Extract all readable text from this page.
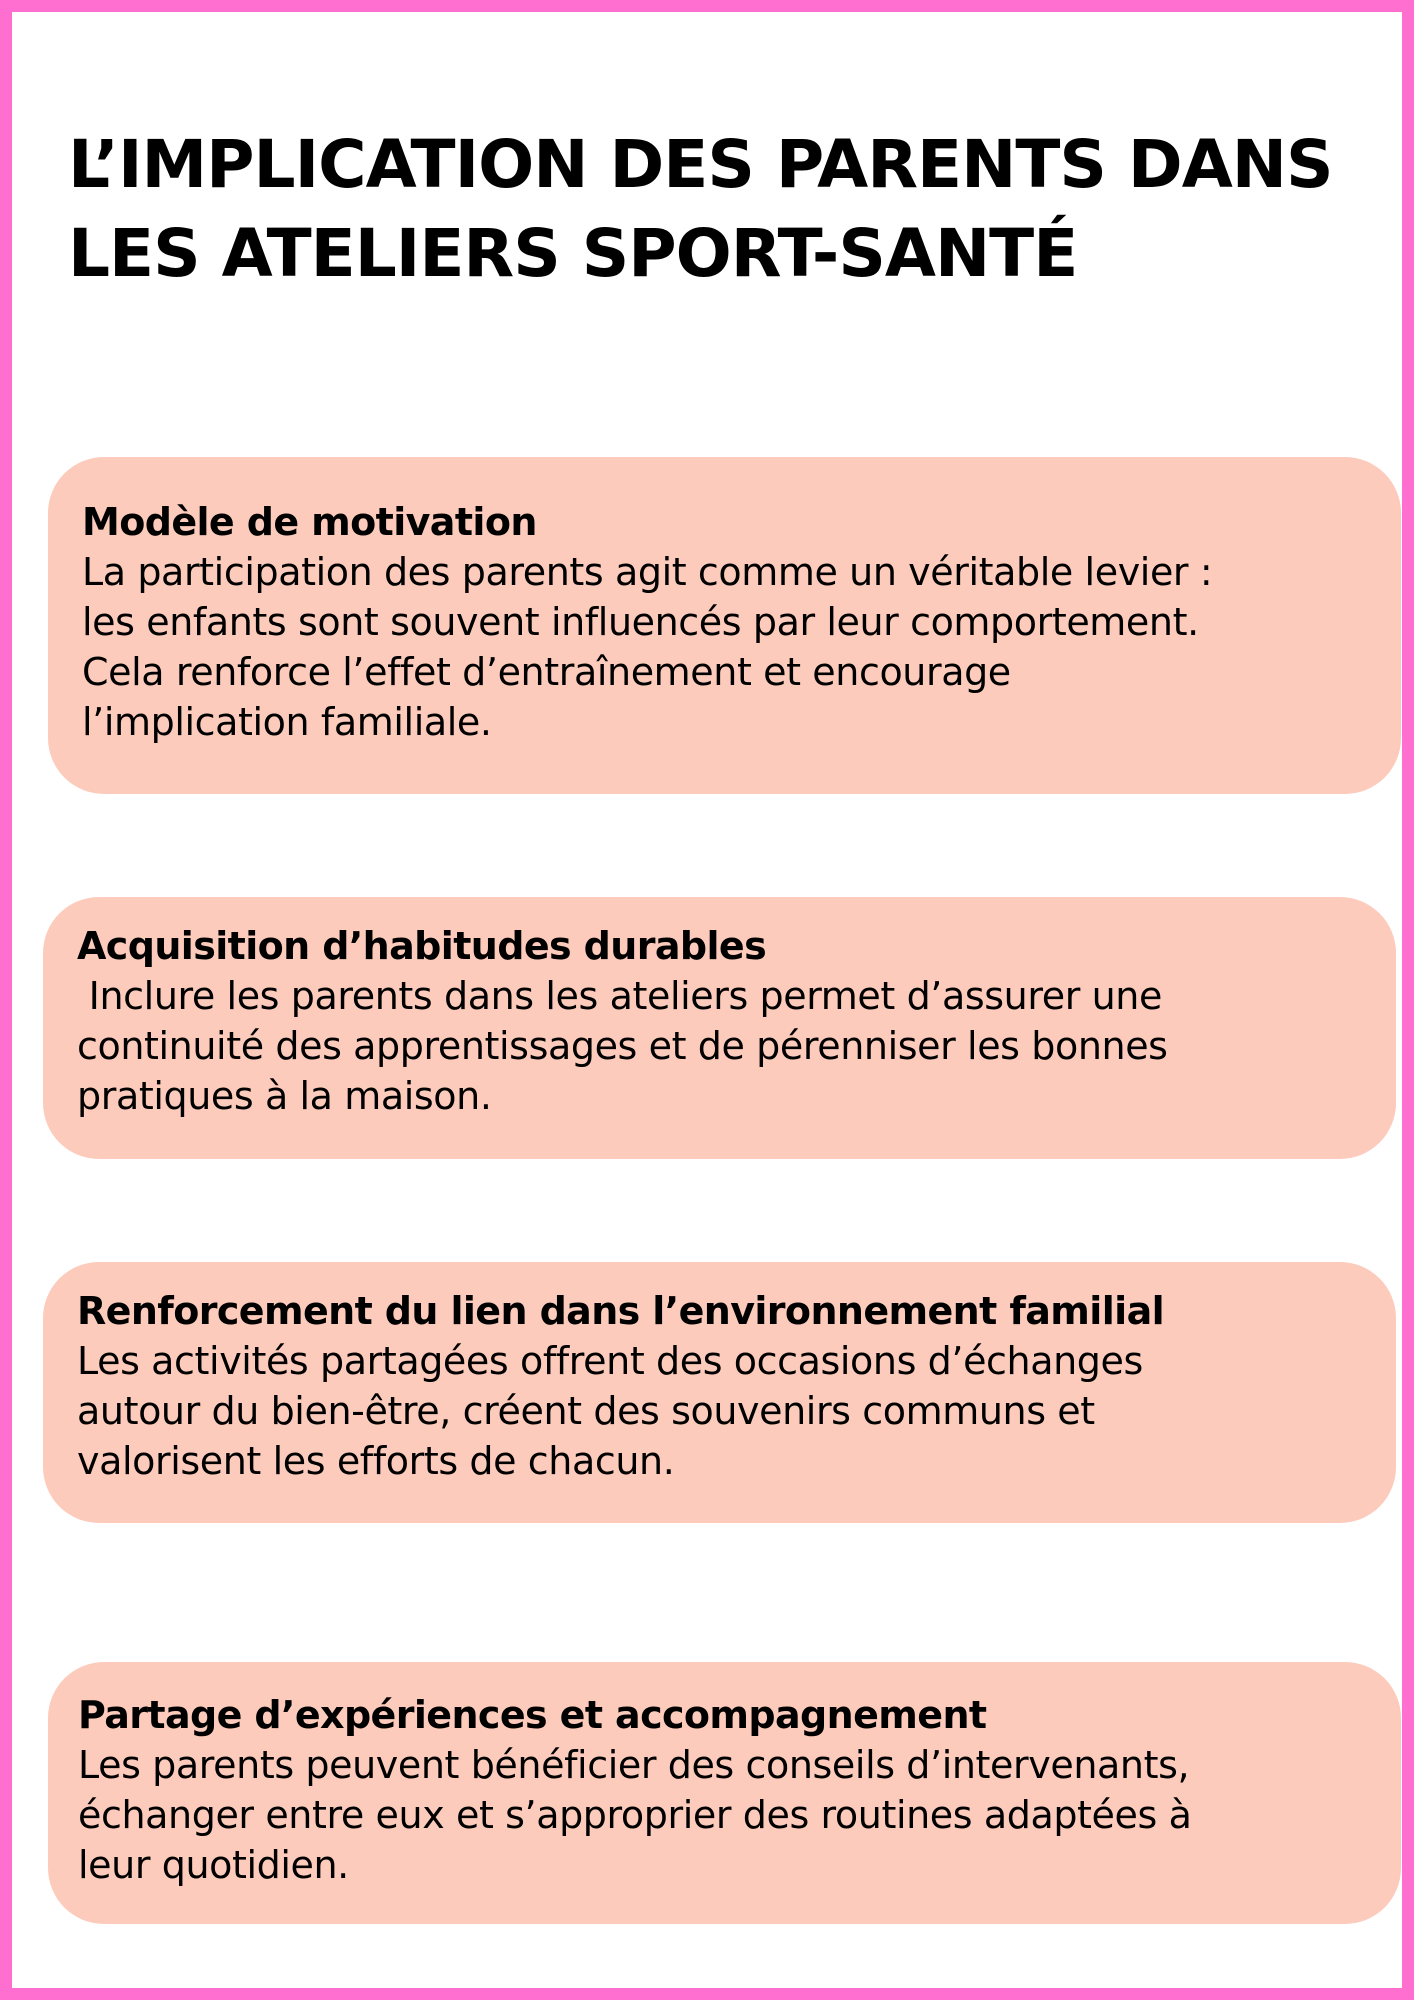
L’IMPLICATION DES PARENTS DANS
LES ATELIERS SPORT-SANTÉ
Modèle de motivation
La participation des parents agit comme un véritable levier :
les enfants sont souvent influencés par leur comportement.
Cela renforce l’effet d’entraînement et encourage
l’implication familiale.
Acquisition d’habitudes durables
Inclure les parents dans les ateliers permet d’assurer une
continuité des apprentissages et de pérenniser les bonnes
pratiques à la maison.
Renforcement du lien dans l’environnement familial
Les activités partagées offrent des occasions d’échanges
autour du bien-être, créent des souvenirs communs et
valorisent les efforts de chacun.
Partage d’expériences et accompagnement
Les parents peuvent bénéficier des conseils d’intervenants,
échanger entre eux et s’approprier des routines adaptées à
leur quotidien.
